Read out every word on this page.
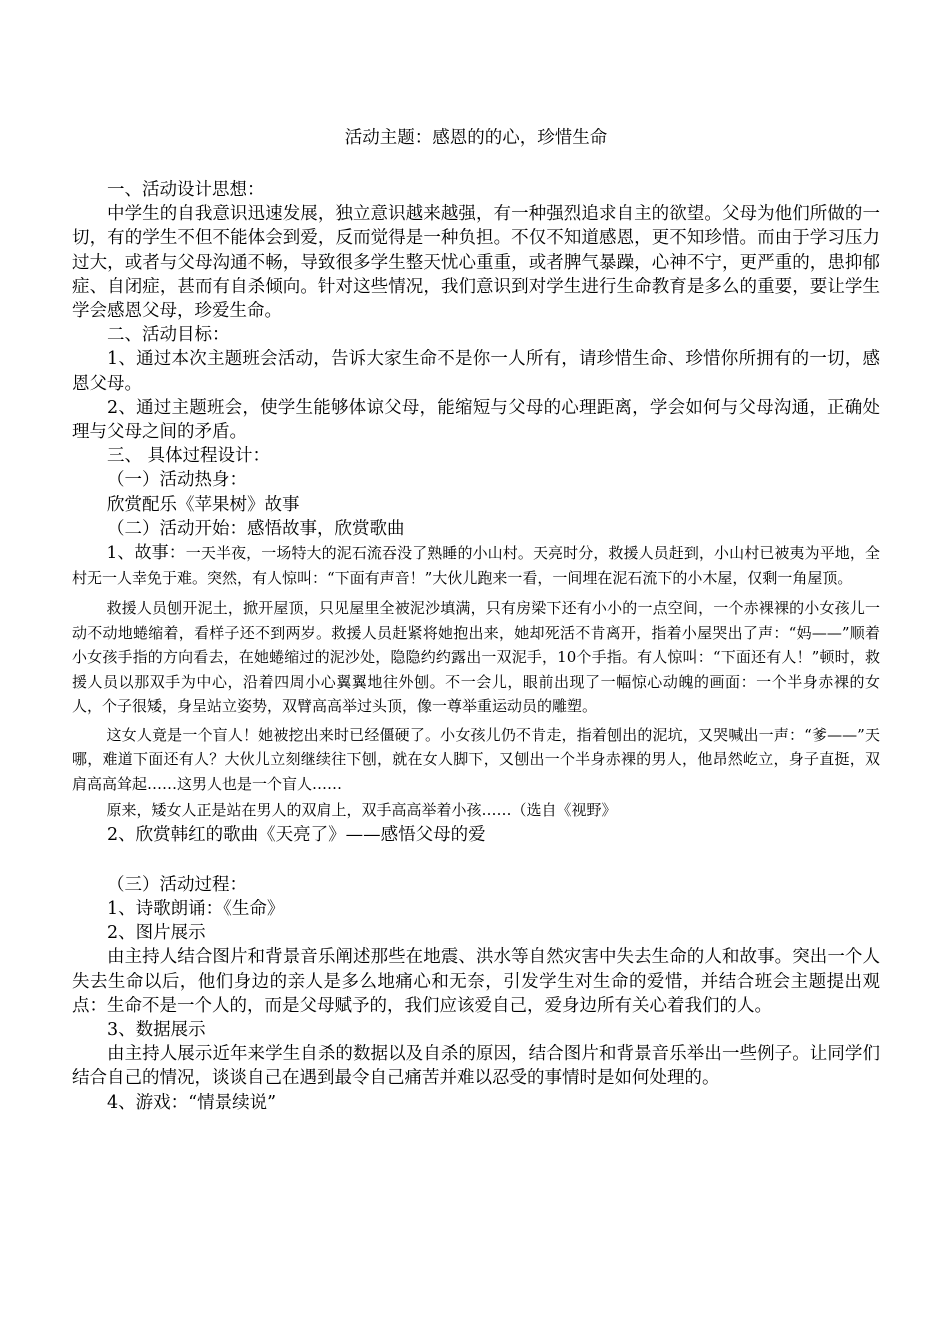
活动主题：感恩的的心，珍惜生命

一、活动设计思想：

中学生的自我意识迅速发展，独立意识越来越强，有一种强烈追求自主的欲望。父母为他们所做的一切，有的学生不但不能体会到爱，反而觉得是一种负担。不仅不知道感恩，更不知珍惜。而由于学习压力过大，或者与父母沟通不畅，导致很多学生整天忧心重重，或者脾气暴躁，心神不宁，更严重的，患抑郁症、自闭症，甚而有自杀倾向。针对这些情况，我们意识到对学生进行生命教育是多么的重要，要让学生学会感恩父母，珍爱生命。

二、活动目标：

1、通过本次主题班会活动，告诉大家生命不是你一人所有，请珍惜生命、珍惜你所拥有的一切，感恩父母。

2、通过主题班会，使学生能够体谅父母，能缩短与父母的心理距离，学会如何与父母沟通，正确处理与父母之间的矛盾。

三、 具体过程设计：

（一）活动热身：

欣赏配乐《苹果树》故事

（二）活动开始：感悟故事，欣赏歌曲

1、故事：一天半夜，一场特大的泥石流吞没了熟睡的小山村。天亮时分，救援人员赶到，小山村已被夷为平地，全村无一人幸免于难。突然，有人惊叫：“下面有声音！”大伙儿跑来一看，一间埋在泥石流下的小木屋，仅剩一角屋顶。

救援人员刨开泥土，掀开屋顶，只见屋里全被泥沙填满，只有房梁下还有小小的一点空间，一个赤裸裸的小女孩儿一动不动地蜷缩着，看样子还不到两岁。救援人员赶紧将她抱出来，她却死活不肯离开，指着小屋哭出了声：“妈——”顺着小女孩手指的方向看去，在她蜷缩过的泥沙处，隐隐约约露出一双泥手，10个手指。有人惊叫：“下面还有人！”顿时，救援人员以那双手为中心，沿着四周小心翼翼地往外刨。不一会儿，眼前出现了一幅惊心动魄的画面：一个半身赤裸的女人，个子很矮，身呈站立姿势，双臂高高举过头顶，像一尊举重运动员的雕塑。

这女人竟是一个盲人！她被挖出来时已经僵硬了。小女孩儿仍不肯走，指着刨出的泥坑，又哭喊出一声：“爹——”天哪，难道下面还有人？大伙儿立刻继续往下刨，就在女人脚下，又刨出一个半身赤裸的男人，他昂然屹立，身子直挺，双肩高高耸起……这男人也是一个盲人……

原来，矮女人正是站在男人的双肩上，双手高高举着小孩……（选自《视野》

2、欣赏韩红的歌曲《天亮了》——感悟父母的爱

（三）活动过程：

1、诗歌朗诵：《生命》

2、图片展示

由主持人结合图片和背景音乐阐述那些在地震、洪水等自然灾害中失去生命的人和故事。突出一个人失去生命以后，他们身边的亲人是多么地痛心和无奈，引发学生对生命的爱惜，并结合班会主题提出观点：生命不是一个人的，而是父母赋予的，我们应该爱自己，爱身边所有关心着我们的人。

3、数据展示

由主持人展示近年来学生自杀的数据以及自杀的原因，结合图片和背景音乐举出一些例子。让同学们结合自己的情况，谈谈自己在遇到最令自己痛苦并难以忍受的事情时是如何处理的。

4、游戏：“情景续说”
